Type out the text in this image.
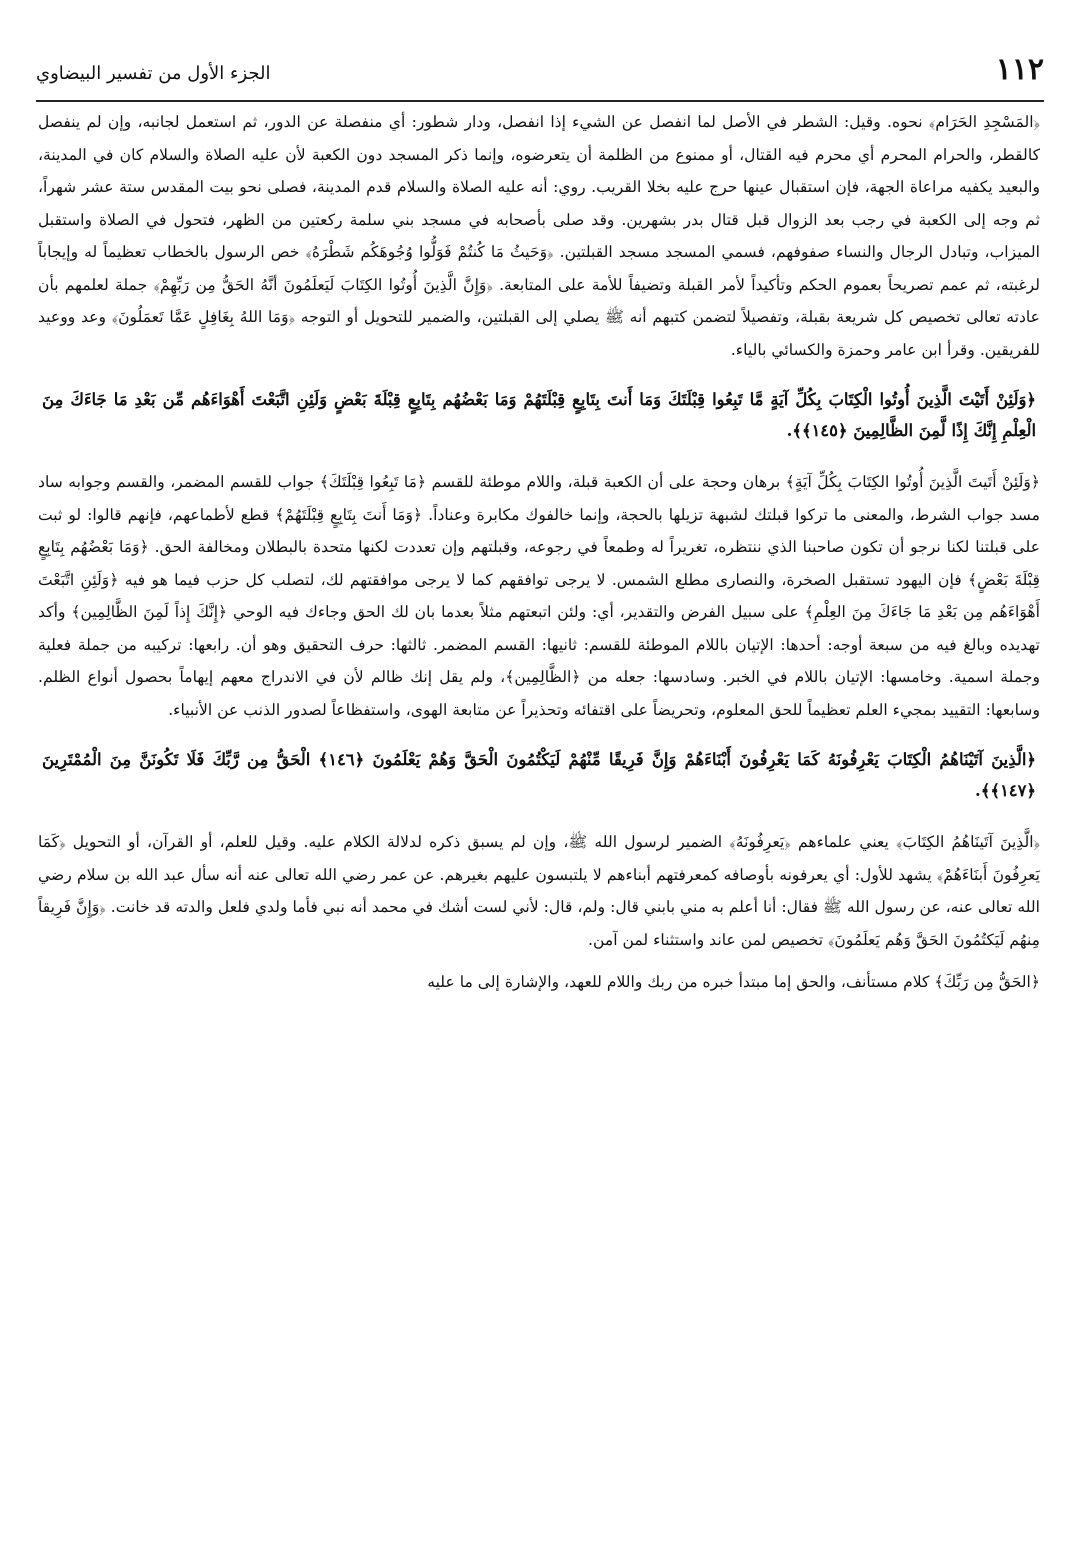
١١٢
الجزء الأول من تفسير البيضاوي

﴿المَسْجِدِ الحَرَام﴾ نحوه. وقيل: الشطر في الأصل لما انفصل عن الشيء إذا انفصل، ودار شطور: أي منفصلة عن الدور، ثم استعمل لجانبه، وإن لم ينفصل كالقطر، والحرام المحرم أي محرم فيه القتال، أو ممنوع من الظلمة أن يتعرضوه، وإنما ذكر المسجد دون الكعبة لأن عليه الصلاة والسلام كان في المدينة، والبعيد يكفيه مراعاة الجهة، فإن استقبال عينها حرج عليه بخلا القريب. روي: أنه عليه الصلاة والسلام قدم المدينة، فصلى نحو بيت المقدس ستة عشر شهراً، ثم وجه إلى الكعبة في رجب بعد الزوال قبل قتال بدر بشهرين. وقد صلى بأصحابه في مسجد بني سلمة ركعتين من الظهر، فتحول في الصلاة واستقبل الميزاب، وتبادل الرجال والنساء صفوفهم، فسمي المسجد مسجد القبلتين. ﴿وَحَيثُ مَا كُنتُمْ فَوَلُّوا وُجُوهَكُم شَطْرَهُ﴾ خص الرسول بالخطاب تعظيماً له وإيجاباً لرغبته، ثم عمم تصريحاً بعموم الحكم وتأكيداً لأمر القبلة وتضيفاً للأمة على المتابعة. ﴿وَإِنَّ الَّذِينَ أُوتُوا الكِتَابَ لَيَعلَمُونَ أنَّهُ الحَقُّ مِن رَبِّهِمْ﴾ جملة لعلمهم بأن عادته تعالى تخصيص كل شريعة بقبلة، وتفصيلاً لتضمن كتبهم أنه ﷺ يصلي إلى القبلتين، والضمير للتحويل أو التوجه ﴿وَمَا اللهُ بِغَافِلٍ عَمَّا تَعمَلُونَ﴾ وعد ووعيد للفريقين. وقرأ ابن عامر وحمزة والكسائي بالياء.

﴿وَلَئِنْ أَتَيْتَ الَّذِينَ أُوتُوا الْكِتَابَ بِكُلِّ آيَةٍ مَّا تَبِعُوا قِبْلَتَكَ وَمَا أَنتَ بِتَابِعٍ قِبْلَتَهُمْ وَمَا بَعْضُهُم بِتَابِعٍ قِبْلَةَ بَعْضٍ وَلَئِنِ اتَّبَعْتَ أَهْوَاءَهُم مِّن بَعْدِ مَا جَاءَكَ مِنَ الْعِلْمِ إِنَّكَ إِذًا لَّمِنَ الظَّالِمِينَ ﴿١٤٥﴾﴾.

﴿وَلَئِنْ أَتَيتَ الَّذِينَ أُوتُوا الكِتَابَ بِكُلِّ آيَةٍ﴾ برهان وحجة على أن الكعبة قبلة، واللام موطئة للقسم ﴿مَا تَبِعُوا قِبْلَتَكَ﴾ جواب للقسم المضمر، والقسم وجوابه ساد مسد جواب الشرط، والمعنى ما تركوا قبلتك لشبهة تزيلها بالحجة، وإنما خالفوك مكابرة وعناداً. ﴿وَمَا أَنتَ بِتَابِعٍ قِبْلَتَهُمْ﴾ قطع لأطماعهم، فإنهم قالوا: لو ثبت على قبلتنا لكنا نرجو أن تكون صاحبنا الذي ننتظره، تغريراً له وطمعاً في رجوعه، وقبلتهم وإن تعددت لكنها متحدة بالبطلان ومخالفة الحق. ﴿وَمَا بَعْضُهُم بِتَابِعٍ قِبْلَةَ بَعْضٍ﴾ فإن اليهود تستقبل الصخرة، والنصارى مطلع الشمس. لا يرجى توافقهم كما لا يرجى موافقتهم لك، لتصلب كل حزب فيما هو فيه ﴿وَلَئِنِ اتَّبَعْتَ أَهْوَاءَهُم مِن بَعْدِ مَا جَاءَكَ مِنَ العِلْمِ﴾ على سبيل الفرض والتقدير، أي: ولئن اتبعتهم مثلاً بعدما بان لك الحق وجاءك فيه الوحي ﴿إِنَّكَ إِذاً لَمِنَ الظَّالِمِين﴾ وأكد تهديده وبالغ فيه من سبعة أوجه: أحدها: الإتيان باللام الموطئة للقسم: ثانيها: القسم المضمر. ثالثها: حرف التحقيق وهو أن. رابعها: تركيبه من جملة فعلية وجملة اسمية. وخامسها: الإتيان باللام في الخبر. وسادسها: جعله من ﴿الظَّالِمِين﴾، ولم يقل إنك ظالم لأن في الاندراج معهم إيهاماً بحصول أنواع الظلم. وسابعها: التقييد بمجيء العلم تعظيماً للحق المعلوم، وتحريضاً على اقتفائه وتحذيراً عن متابعة الهوى، واستفظاعاً لصدور الذنب عن الأنبياء.

﴿الَّذِينَ آتَيْنَاهُمُ الْكِتَابَ يَعْرِفُونَهُ كَمَا يَعْرِفُونَ أَبْنَاءَهُمْ وَإِنَّ فَرِيقًا مِّنْهُمْ لَيَكْتُمُونَ الْحَقَّ وَهُمْ يَعْلَمُونَ ﴿١٤٦﴾ الْحَقُّ مِن رَّبِّكَ فَلَا تَكُونَنَّ مِنَ الْمُمْتَرِينَ ﴿١٤٧﴾﴾.

﴿الَّذِينَ آتَينَاهُمُ الكِتَابَ﴾ يعني علماءهم ﴿يَعرِفُونَهُ﴾ الضمير لرسول الله ﷺ، وإن لم يسبق ذكره لدلالة الكلام عليه. وقيل للعلم، أو القرآن، أو التحويل ﴿كَمَا يَعرِفُونَ أَبنَاءَهُمْ﴾ يشهد للأول: أي يعرفونه بأوصافه كمعرفتهم أبناءهم لا يلتبسون عليهم بغيرهم. عن عمر رضي الله تعالى عنه أنه سأل عبد الله بن سلام رضي الله تعالى عنه، عن رسول الله ﷺ فقال: أنا أعلم به مني بابني قال: ولم، قال: لأني لست أشك في محمد أنه نبي فأما ولدي فلعل والدته قد خانت. ﴿وَإِنَّ فَرِيقاً مِنهُم لَيَكتُمُونَ الحَقَّ وَهُم يَعلَمُونَ﴾ تخصيص لمن عاند واستثناء لمن آمن.

﴿الحَقُّ مِن رَبِّكَ﴾ كلام مستأنف، والحق إما مبتدأ خبره من ربك واللام للعهد، والإشارة إلى ما عليه
